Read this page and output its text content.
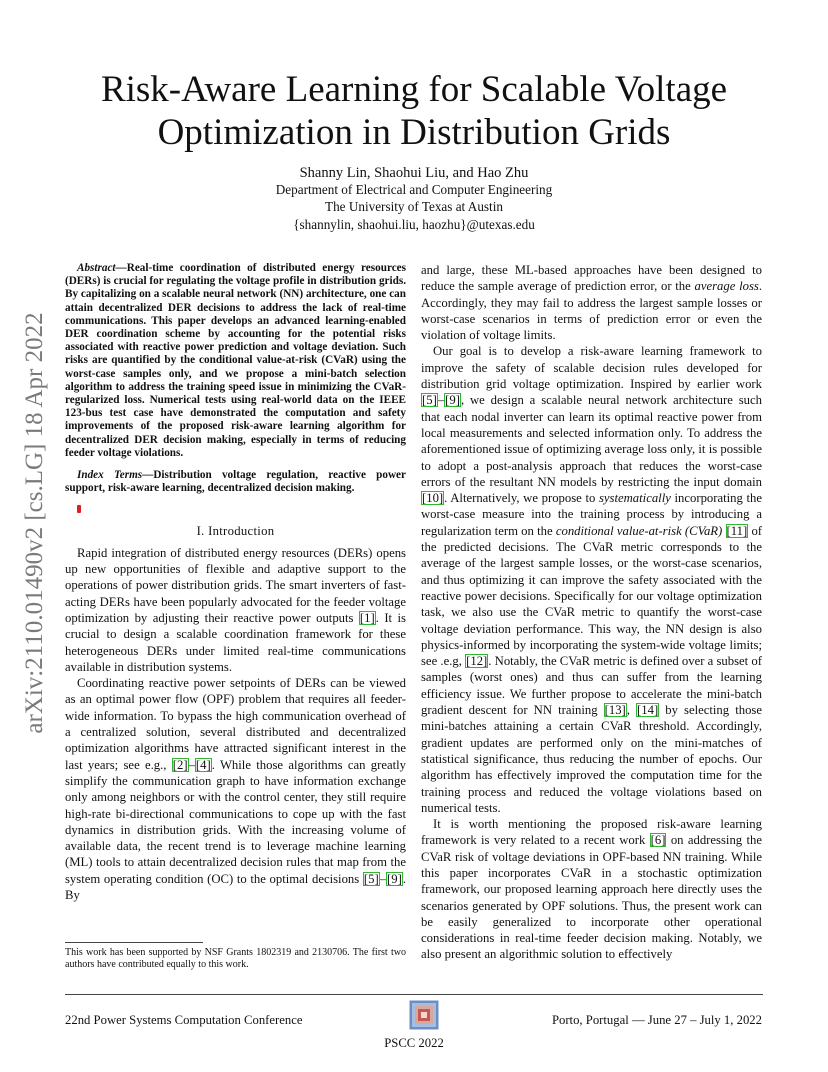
Risk-Aware Learning for Scalable Voltage Optimization in Distribution Grids
Shanny Lin, Shaohui Liu, and Hao Zhu
Department of Electrical and Computer Engineering
The University of Texas at Austin
{shannylin, shaohui.liu, haozhu}@utexas.edu
arXiv:2110.01490v2 [cs.LG] 18 Apr 2022

Abstract—Real-time coordination of distributed energy resources (DERs) is crucial for regulating the voltage profile in distribution grids. By capitalizing on a scalable neural network (NN) architecture, one can attain decentralized DER decisions to address the lack of real-time communications. This paper develops an advanced learning-enabled DER coordination scheme by accounting for the potential risks associated with reactive power prediction and voltage deviation. Such risks are quantified by the conditional value-at-risk (CVaR) using the worst-case samples only, and we propose a mini-batch selection algorithm to address the training speed issue in minimizing the CVaR-regularized loss. Numerical tests using real-world data on the IEEE 123-bus test case have demonstrated the computation and safety improvements of the proposed risk-aware learning algorithm for decentralized DER decision making, especially in terms of reducing feeder voltage violations.

Index Terms—Distribution voltage regulation, reactive power support, risk-aware learning, decentralized decision making.

I. Introduction

Rapid integration of distributed energy resources (DERs) opens up new opportunities of flexible and adaptive support to the operations of power distribution grids. The smart inverters of fast-acting DERs have been popularly advocated for the feeder voltage optimization by adjusting their reactive power outputs [1]. It is crucial to design a scalable coordination framework for these heterogeneous DERs under limited real-time communications available in distribution systems.

Coordinating reactive power setpoints of DERs can be viewed as an optimal power flow (OPF) problem that requires all feeder-wide information. To bypass the high communication overhead of a centralized solution, several distributed and decentralized optimization algorithms have attracted significant interest in the last years; see e.g., [2]–[4]. While those algorithms can greatly simplify the communication graph to have information exchange only among neighbors or with the control center, they still require high-rate bi-directional communications to cope up with the fast dynamics in distribution grids. With the increasing volume of available data, the recent trend is to leverage machine learning (ML) tools to attain decentralized decision rules that map from the system operating condition (OC) to the optimal decisions [5]–[9]. By

and large, these ML-based approaches have been designed to reduce the sample average of prediction error, or the average loss. Accordingly, they may fail to address the largest sample losses or worst-case scenarios in terms of prediction error or even the violation of voltage limits.

Our goal is to develop a risk-aware learning framework to improve the safety of scalable decision rules developed for distribution grid voltage optimization. Inspired by earlier work [5]–[9], we design a scalable neural network architecture such that each nodal inverter can learn its optimal reactive power from local measurements and selected information only. To address the aforementioned issue of optimizing average loss only, it is possible to adopt a post-analysis approach that reduces the worst-case errors of the resultant NN models by restricting the input domain [10]. Alternatively, we propose to systematically incorporating the worst-case measure into the training process by introducing a regularization term on the conditional value-at-risk (CVaR) [11] of the predicted decisions. The CVaR metric corresponds to the average of the largest sample losses, or the worst-case scenarios, and thus optimizing it can improve the safety associated with the reactive power decisions. Specifically for our voltage optimization task, we also use the CVaR metric to quantify the worst-case voltage deviation performance. This way, the NN design is also physics-informed by incorporating the system-wide voltage limits; see .e.g, [12]. Notably, the CVaR metric is defined over a subset of samples (worst ones) and thus can suffer from the learning efficiency issue. We further propose to accelerate the mini-batch gradient descent for NN training [13], [14] by selecting those mini-batches attaining a certain CVaR threshold. Accordingly, gradient updates are performed only on the mini-matches of statistical significance, thus reducing the number of epochs. Our algorithm has effectively improved the computation time for the training process and reduced the voltage violations based on numerical tests.

It is worth mentioning the proposed risk-aware learning framework is very related to a recent work [6] on addressing the CVaR risk of voltage deviations in OPF-based NN training. While this paper incorporates CVaR in a stochastic optimization framework, our proposed learning approach here directly uses the scenarios generated by OPF solutions. Thus, the present work can be easily generalized to incorporate other operational considerations in real-time feeder decision making. Notably, we also present an algorithmic solution to effectively

This work has been supported by NSF Grants 1802319 and 2130706. The first two authors have contributed equally to this work.
22nd Power Systems Computation Conference	Porto, Portugal — June 27 – July 1, 2022
PSCC 2022
